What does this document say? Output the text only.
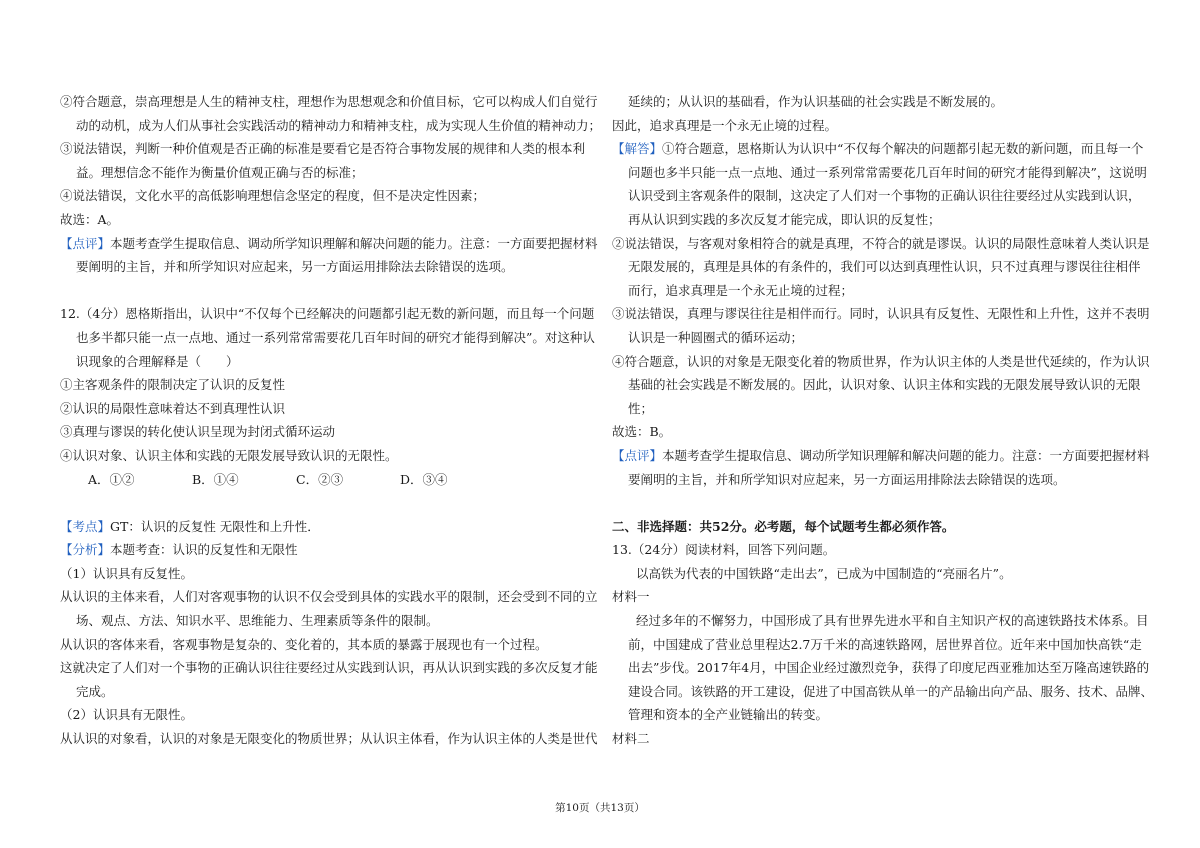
②符合题意，崇高理想是人生的精神支柱，理想作为思想观念和价值目标，它可以构成人们自觉行
动的动机，成为人们从事社会实践活动的精神动力和精神支柱，成为实现人生价值的精神动力；
③说法错误，判断一种价值观是否正确的标准是要看它是否符合事物发展的规律和人类的根本利
益。理想信念不能作为衡量价值观正确与否的标准；
④说法错误，文化水平的高低影响理想信念坚定的程度，但不是决定性因素；
故选：A。
【点评】本题考查学生提取信息、调动所学知识理解和解决问题的能力。注意：一方面要把握材料
要阐明的主旨，并和所学知识对应起来，另一方面运用排除法去除错误的选项。
12.（4分）恩格斯指出，认识中“不仅每个已经解决的问题都引起无数的新问题，而且每一个问题
也多半都只能一点一点地、通过一系列常常需要花几百年时间的研究才能得到解决”。对这种认
识现象的合理解释是（　　）
①主客观条件的限制决定了认识的反复性
②认识的局限性意味着达不到真理性认识
③真理与谬误的转化使认识呈现为封闭式循环运动
④认识对象、认识主体和实践的无限发展导致认识的无限性。
A．①②	B．①④	C．②③	D．③④
【考点】GT：认识的反复性 无限性和上升性．
【分析】本题考查：认识的反复性和无限性
（1）认识具有反复性。
从认识的主体来看，人们对客观事物的认识不仅会受到具体的实践水平的限制，还会受到不同的立
场、观点、方法、知识水平、思维能力、生理素质等条件的限制。
从认识的客体来看，客观事物是复杂的、变化着的，其本质的暴露于展现也有一个过程。
这就决定了人们对一个事物的正确认识往往要经过从实践到认识，再从认识到实践的多次反复才能
完成。
（2）认识具有无限性。
从认识的对象看，认识的对象是无限变化的物质世界；从认识主体看，作为认识主体的人类是世代
延续的；从认识的基础看，作为认识基础的社会实践是不断发展的。
因此，追求真理是一个永无止境的过程。
【解答】①符合题意，恩格斯认为认识中“不仅每个解决的问题都引起无数的新问题，而且每一个
问题也多半只能一点一点地、通过一系列常常需要花几百年时间的研究才能得到解决”，这说明
认识受到主客观条件的限制，这决定了人们对一个事物的正确认识往往要经过从实践到认识，
再从认识到实践的多次反复才能完成，即认识的反复性；
②说法错误，与客观对象相符合的就是真理，不符合的就是谬误。认识的局限性意味着人类认识是
无限发展的，真理是具体的有条件的，我们可以达到真理性认识，只不过真理与谬误往往相伴
而行，追求真理是一个永无止境的过程；
③说法错误，真理与谬误往往是相伴而行。同时，认识具有反复性、无限性和上升性，这并不表明
认识是一种圆圈式的循环运动；
④符合题意，认识的对象是无限变化着的物质世界，作为认识主体的人类是世代延续的，作为认识
基础的社会实践是不断发展的。因此，认识对象、认识主体和实践的无限发展导致认识的无限
性；
故选：B。
【点评】本题考查学生提取信息、调动所学知识理解和解决问题的能力。注意：一方面要把握材料
要阐明的主旨，并和所学知识对应起来，另一方面运用排除法去除错误的选项。
二、非选择题：共52分。必考题，每个试题考生都必须作答。
13.（24分）阅读材料，回答下列问题。
以高铁为代表的中国铁路“走出去”，已成为中国制造的“亮丽名片”。
材料一
经过多年的不懈努力，中国形成了具有世界先进水平和自主知识产权的高速铁路技术体系。目
前，中国建成了营业总里程达2.7万千米的高速铁路网，居世界首位。近年来中国加快高铁“走
出去”步伐。2017年4月，中国企业经过激烈竞争，获得了印度尼西亚雅加达至万隆高速铁路的
建设合同。该铁路的开工建设，促进了中国高铁从单一的产品输出向产品、服务、技术、品牌、
管理和资本的全产业链输出的转变。
材料二
第10页（共13页）
